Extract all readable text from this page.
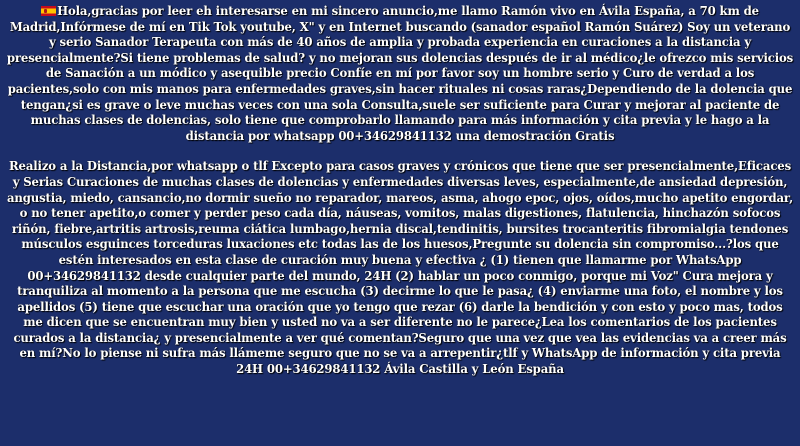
Hola,gracias por leer eh interesarse en mi sincero anuncio,me llamo Ramón vivo en Ávila España, a 70 km de Madrid,Infórmese de mí en Tik Tok youtube, X" y en Internet buscando (sanador español Ramón Suárez) Soy un veterano y serio Sanador Terapeuta con más de 40 años de amplia y probada experiencia en curaciones a la distancia y presencialmente?Si tiene problemas de salud? y no mejoran sus dolencias después de ir al médico¿le ofrezco mis servicios de Sanación a un módico y asequible precio Confíe en mí por favor soy un hombre serio y Curo de verdad a los pacientes,solo con mis manos para enfermedades graves,sin hacer rituales ni cosas raras¿Dependiendo de la dolencia que tengan¿si es grave o leve muchas veces con una sola Consulta,suele ser suficiente para Curar y mejorar al paciente de muchas clases de dolencias, solo tiene que comprobarlo llamando para más información y cita previa y le hago a la distancia por whatsapp 00+34629841132 una demostración Gratis

Realizo a la Distancia,por whatsapp o tlf Excepto para casos graves y crónicos que tiene que ser presencialmente,Eficaces y Serias Curaciones de muchas clases de dolencias y enfermedades diversas leves, especialmente,de ansiedad depresión, angustia, miedo, cansancio,no dormir sueño no reparador, mareos, asma, ahogo epoc, ojos, oídos,mucho apetito engordar, o no tener apetito,o comer y perder peso cada día, náuseas, vomitos, malas digestiones, flatulencia, hinchazón sofocos riñón, fiebre,artritis artrosis,reuma ciática lumbago,hernia discal,tendinitis, bursites trocanteritis fibromialgia tendones músculos esguinces torceduras luxaciones etc todas las de los huesos,Pregunte su dolencia sin compromiso...?los que estén interesados en esta clase de curación muy buena y efectiva ¿ (1) tienen que llamarme por WhatsApp 00+34629841132 desde cualquier parte del mundo, 24H (2) hablar un poco conmigo, porque mi Voz" Cura mejora y tranquiliza al momento a la persona que me escucha (3) decirme lo que le pasa¿ (4) enviarme una foto, el nombre y los apellidos (5) tiene que escuchar una oración que yo tengo que rezar (6) darle la bendición y con esto y poco mas, todos me dicen que se encuentran muy bien y usted no va a ser diferente no le parece¿Lea los comentarios de los pacientes curados a la distancia¿ y presencialmente a ver qué comentan?Seguro que una vez que vea las evidencias va a creer más en mí?No lo piense ni sufra más llámeme seguro que no se va a arrepentir¿tlf y WhatsApp de información y cita previa 24H 00+34629841132 Ávila Castilla y León España
